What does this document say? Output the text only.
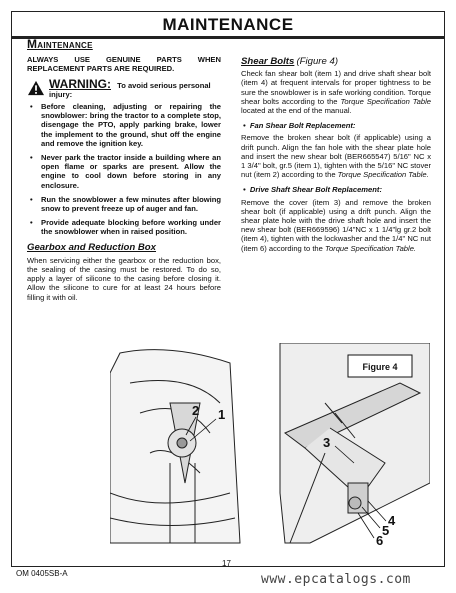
MAINTENANCE
Maintenance
ALWAYS USE GENUINE PARTS WHEN REPLACEMENT PARTS ARE REQUIRED.
WARNING: To avoid serious personal injury:
• Before cleaning, adjusting or repairing the snowblower: bring the tractor to a complete stop, disengage the PTO, apply parking brake, lower the implement to the ground, shut off the engine and remove the ignition key.
• Never park the tractor inside a building where an open flame or sparks are present. Allow the engine to cool down before storing in any enclosure.
• Run the snowblower a few minutes after blowing snow to prevent freeze up of auger and fan.
• Provide adequate blocking before working under the snowblower when in raised position.
Gearbox and Reduction Box
When servicing either the gearbox or the reduction box, the sealing of the casing must be restored. To do so, apply a layer of silicone to the casing before closing it. Allow the silicone to cure for at least 24 hours before filling it with oil.
Shear Bolts (Figure 4)
Check fan shear bolt (item 1) and drive shaft shear bolt (item 4) at frequent intervals for proper tightness to be sure the snowblower is in safe working condition. Torque shear bolts according to the Torque Specification Table located at the end of the manual.
•  Fan Shear Bolt Replacement:
Remove the broken shear bolt (if applicable) using a drift punch. Align the fan hole with the shear plate hole and insert the new shear bolt (BER665547) 5/16" NC x 1 3/4" bolt, gr.5 (item 1), tighten with the 5/16" NC stover nut (item 2) according to the Torque Specification Table.
•  Drive Shaft Shear Bolt Replacement:
Remove the cover (item 3) and remove the broken shear bolt (if applicable) using a drift punch. Align the shear plate hole with the drive shaft hole and insert the new shear bolt (BER669596) 1/4"NC x 1 1/4"lg gr.2 bolt (item 4), tighten with the lockwasher and the 1/4" NC nut (item 6) according to the Torque Specification Table.
2 1
Figure 4
3
4
5
6
OM 0405SB-A
17
www.epcatalogs.com
